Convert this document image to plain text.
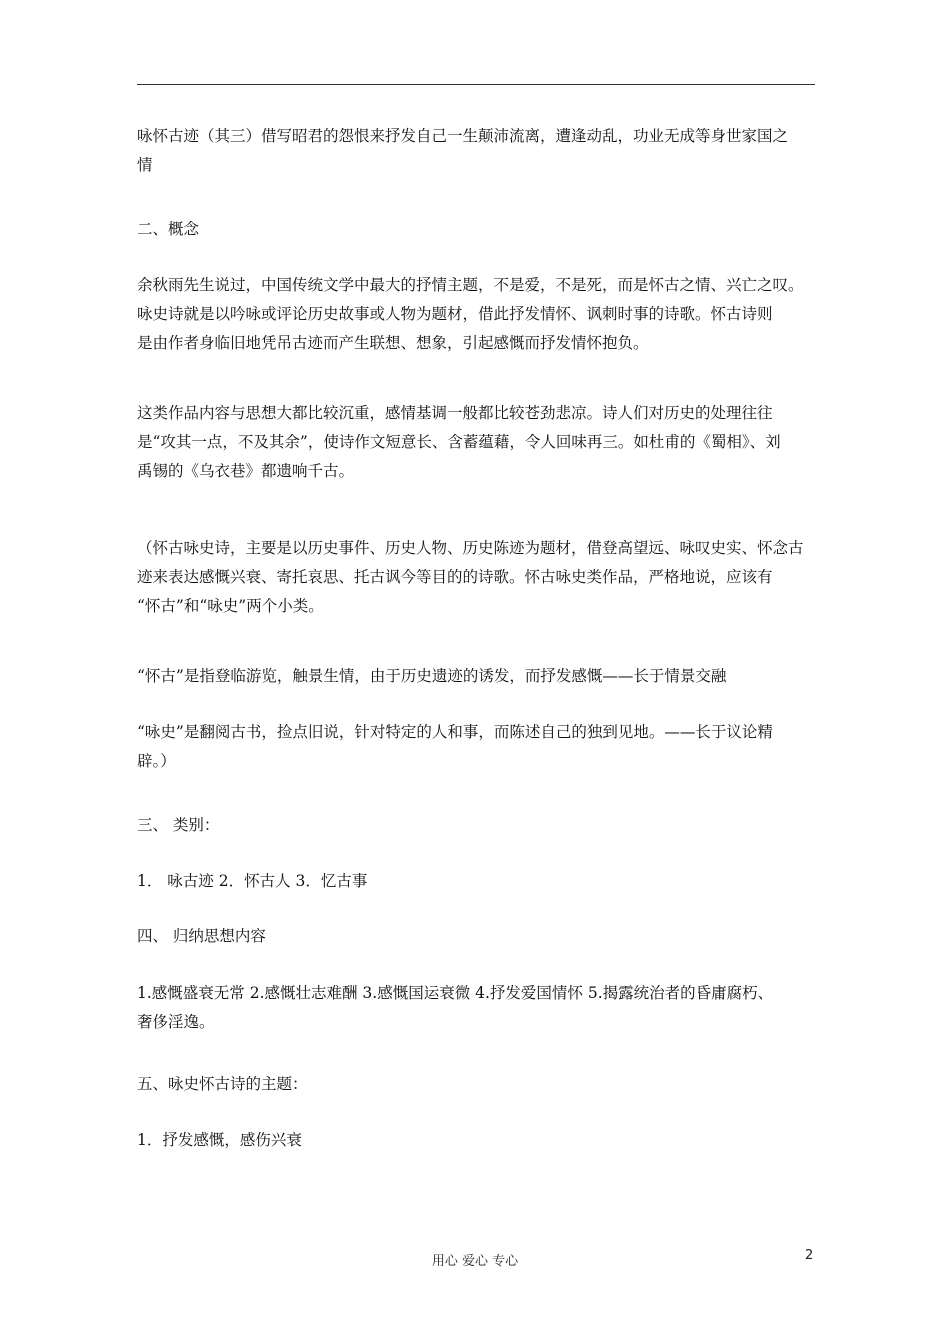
咏怀古迹（其三）借写昭君的怨恨来抒发自己一生颠沛流离，遭逢动乱，功业无成等身世家国之
情
二、概念
余秋雨先生说过，中国传统文学中最大的抒情主题，不是爱，不是死，而是怀古之情、兴亡之叹。
咏史诗就是以吟咏或评论历史故事或人物为题材，借此抒发情怀、讽刺时事的诗歌。怀古诗则
是由作者身临旧地凭吊古迹而产生联想、想象，引起感慨而抒发情怀抱负。
这类作品内容与思想大都比较沉重，感情基调一般都比较苍劲悲凉。诗人们对历史的处理往往
是“攻其一点，不及其余”，使诗作文短意长、含蓄蕴藉，令人回味再三。如杜甫的《蜀相》、刘
禹锡的《乌衣巷》都遗响千古。
（怀古咏史诗，主要是以历史事件、历史人物、历史陈迹为题材，借登高望远、咏叹史实、怀念古
迹来表达感慨兴衰、寄托哀思、托古讽今等目的的诗歌。怀古咏史类作品，严格地说，应该有
“怀古”和“咏史”两个小类。
“怀古”是指登临游览，触景生情，由于历史遗迹的诱发，而抒发感慨——长于情景交融
“咏史”是翻阅古书，捡点旧说，针对特定的人和事，而陈述自己的独到见地。——长于议论精
辟。）
三、 类别：
1． 咏古迹 2．怀古人 3．忆古事
四、 归纳思想内容
1.感慨盛衰无常 2.感慨壮志难酬 3.感慨国运衰微 4.抒发爱国情怀 5.揭露统治者的昏庸腐朽、
奢侈淫逸。
五、咏史怀古诗的主题：
1．抒发感慨，感伤兴衰
用心 爱心 专心	2
